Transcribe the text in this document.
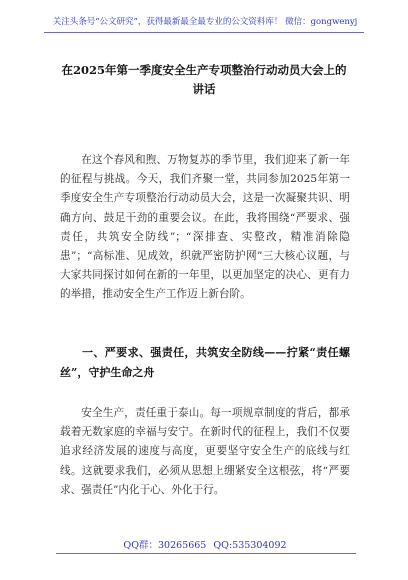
关注头条号“公文研究”，获得最新最全最专业的公文资料库！ 微信：gongwenyj
在2025年第一季度安全生产专项整治行动动员大会上的讲话

在这个春风和煦、万物复苏的季节里，我们迎来了新一年的征程与挑战。今天，我们齐聚一堂，共同参加2025年第一季度安全生产专项整治行动动员大会，这是一次凝聚共识、明确方向、鼓足干劲的重要会议。在此，我将围绕“严要求、强责任，共筑安全防线”；“深排查、实整改，精准消除隐患”；“高标准、见成效，织就严密防护网”三大核心议题，与大家共同探讨如何在新的一年里，以更加坚定的决心、更有力的举措，推动安全生产工作迈上新台阶。

一、严要求、强责任，共筑安全防线——拧紧“责任螺丝”，守护生命之舟

安全生产，责任重于泰山。每一项规章制度的背后，都承载着无数家庭的幸福与安宁。在新时代的征程上，我们不仅要追求经济发展的速度与高度，更要坚守安全生产的底线与红线。这就要求我们，必须从思想上绷紧安全这根弦，将“严要求、强责任”内化于心、外化于行。

QQ群：30265665 QQ:535304092
